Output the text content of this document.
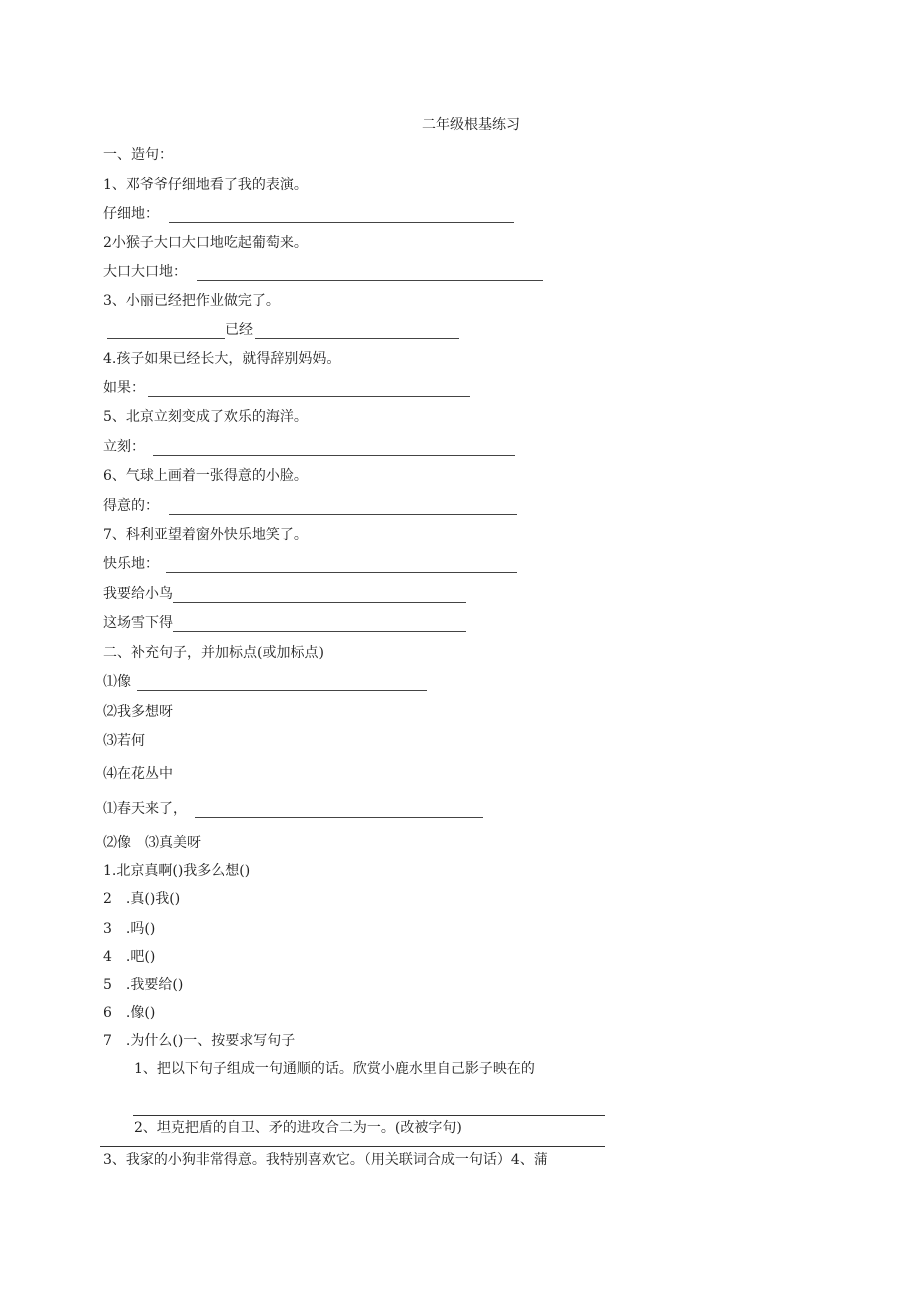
二年级根基练习
一、造句：
1、邓爷爷仔细地看了我的表演。
仔细地：
2小猴子大口大口地吃起葡萄来。
大口大口地：
3、小丽已经把作业做完了。
已经
4.孩子如果已经长大，就得辞别妈妈。
如果：
5、北京立刻变成了欢乐的海洋。
立刻：
6、气球上画着一张得意的小脸。
得意的：
7、科利亚望着窗外快乐地笑了。
快乐地：
我要给小鸟
这场雪下得
二、补充句子，并加标点(或加标点)
⑴像
⑵我多想呀
⑶若何
⑷在花丛中
⑴春天来了，
⑵像　⑶真美呀
1.北京真啊()我多么想()
2　.真()我()
3　.吗()
4　.吧()
5　.我要给()
6　.像()
7　.为什么()一、按要求写句子
1、把以下句子组成一句通顺的话。欣赏小鹿水里自己影子映在的
2、坦克把盾的自卫、矛的进攻合二为一。(改被字句)
3、我家的小狗非常得意。我特别喜欢它。（用关联词合成一句话）4、蒲
